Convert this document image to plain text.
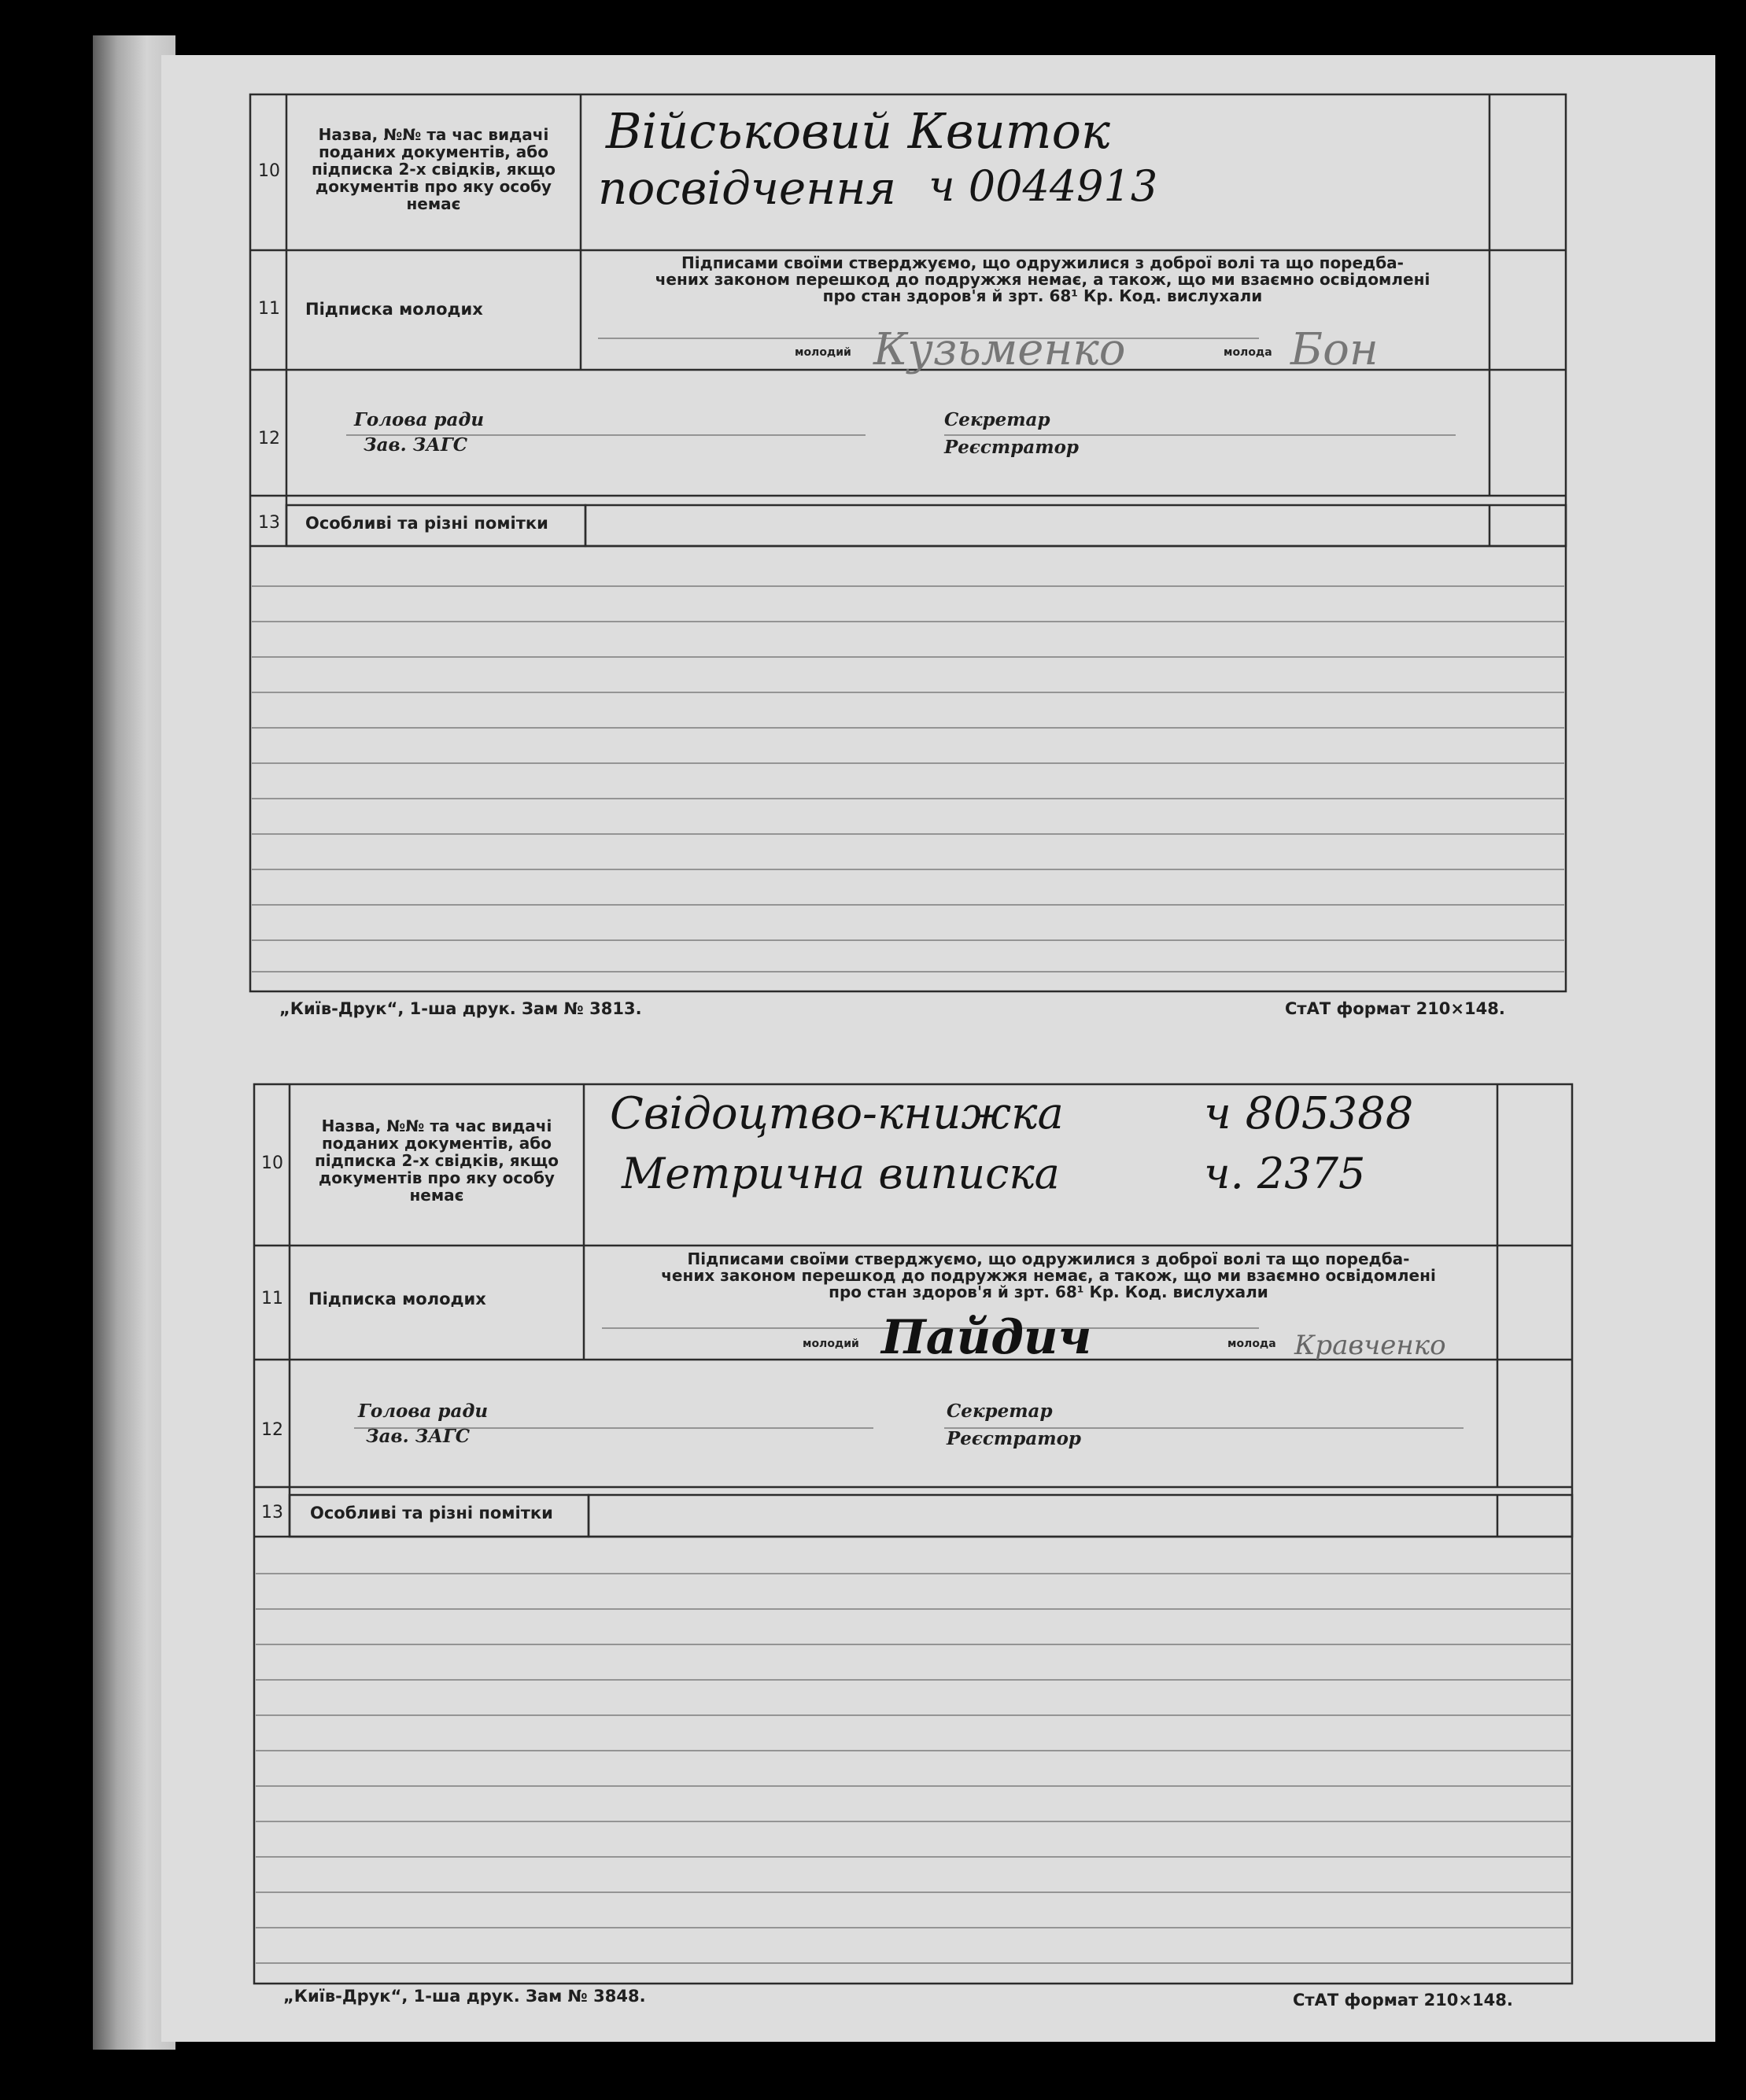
10
Назва, №№ та час видачі
поданих документів, або
підписка 2-х свідків, якщо
документів про яку особу
немає
Військовий Квиток
посвідчення ч 0044913
11 Підписка молодих
Підписами своїми стверджуємо, що одружилися з доброї волі та що поредба-
чених законом перешкод до подружжя немає, а також, що ми взаємно освідомлені
про стан здоров'я й зрт. 68¹ Кр. Код. вислухали
молодий	молода
Кузьменко	Бон
12
Голова ради
Зав. ЗАГС
Секретар
Реєстратор
13 Особливі та різні помітки
„Київ-Друк“, 1-ша друк. Зам № 3813.	СтАТ формат 210×148.
10
Назва, №№ та час видачі
поданих документів, або
підписка 2-х свідків, якщо
документів про яку особу
немає
Свідоцтво-книжка	ч 805388
Метрична виписка	ч. 2375
11 Підписка молодих
Підписами своїми стверджуємо, що одружилися з доброї волі та що поредба-
чених законом перешкод до подружжя немає, а також, що ми взаємно освідомлені
про стан здоров'я й зрт. 68¹ Кр. Код. вислухали
молодий	молода
Пайдич	Кравченко
12
Голова ради
Зав. ЗАГС
Секретар
Реєстратор
13 Особливі та різні помітки
„Київ-Друк“, 1-ша друк. Зам № 3848.	СтАТ формат 210×148.
